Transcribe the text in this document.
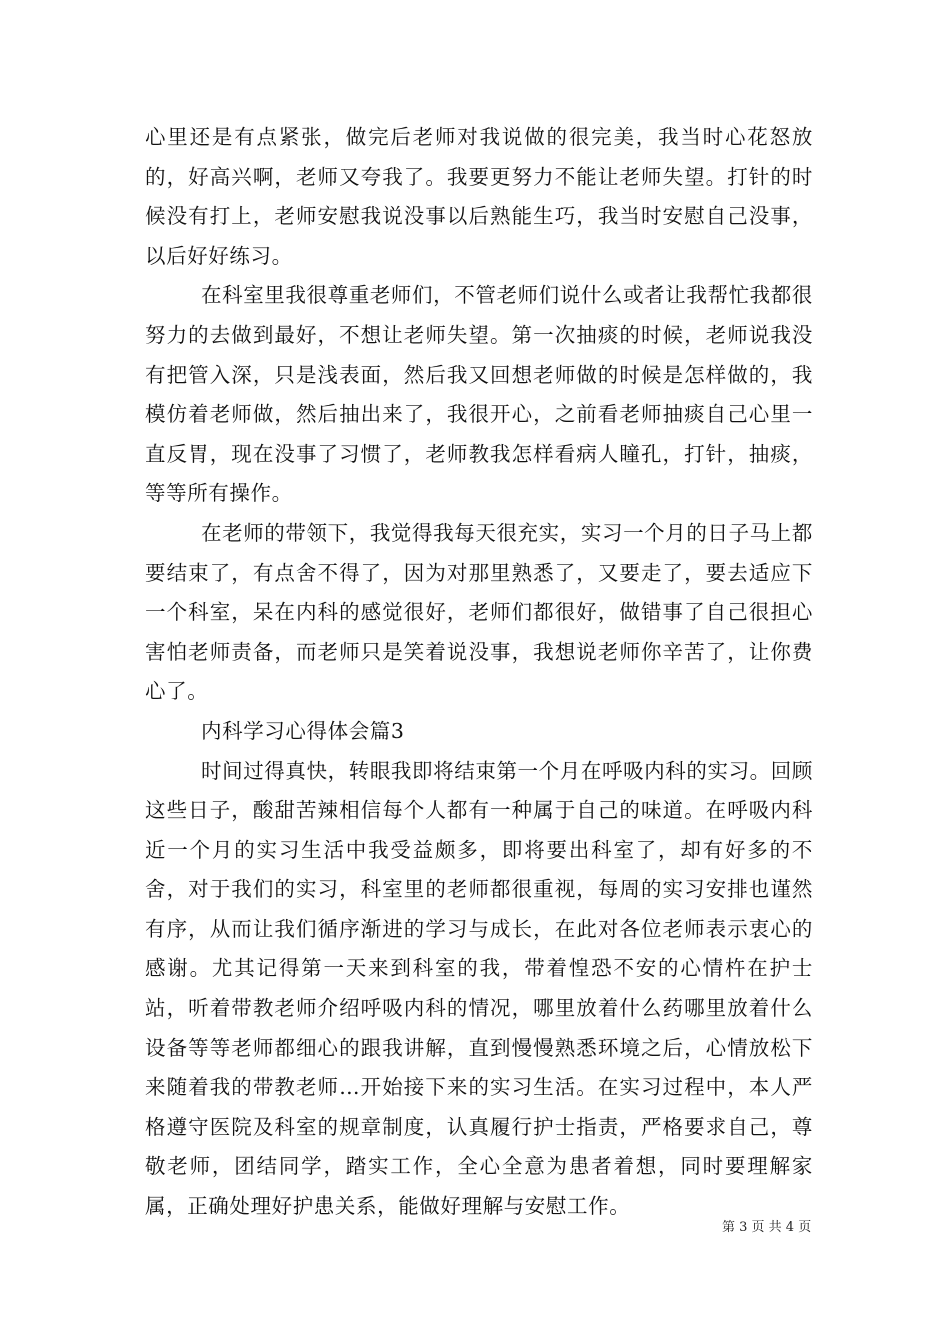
心里还是有点紧张，做完后老师对我说做的很完美，我当时心花怒放的，好高兴啊，老师又夸我了。我要更努力不能让老师失望。打针的时候没有打上，老师安慰我说没事以后熟能生巧，我当时安慰自己没事，以后好好练习。

在科室里我很尊重老师们，不管老师们说什么或者让我帮忙我都很努力的去做到最好，不想让老师失望。第一次抽痰的时候，老师说我没有把管入深，只是浅表面，然后我又回想老师做的时候是怎样做的，我模仿着老师做，然后抽出来了，我很开心，之前看老师抽痰自己心里一直反胃，现在没事了习惯了，老师教我怎样看病人瞳孔，打针，抽痰，等等所有操作。

在老师的带领下，我觉得我每天很充实，实习一个月的日子马上都要结束了，有点舍不得了，因为对那里熟悉了，又要走了，要去适应下一个科室，呆在内科的感觉很好，老师们都很好，做错事了自己很担心害怕老师责备，而老师只是笑着说没事，我想说老师你辛苦了，让你费心了。

内科学习心得体会篇3

时间过得真快，转眼我即将结束第一个月在呼吸内科的实习。回顾这些日子，酸甜苦辣相信每个人都有一种属于自己的味道。在呼吸内科近一个月的实习生活中我受益颇多，即将要出科室了，却有好多的不舍，对于我们的实习，科室里的老师都很重视，每周的实习安排也谨然有序，从而让我们循序渐进的学习与成长，在此对各位老师表示衷心的感谢。尤其记得第一天来到科室的我，带着惶恐不安的心情杵在护士站，听着带教老师介绍呼吸内科的情况，哪里放着什么药哪里放着什么设备等等老师都细心的跟我讲解，直到慢慢熟悉环境之后，心情放松下来随着我的带教老师…开始接下来的实习生活。在实习过程中，本人严格遵守医院及科室的规章制度，认真履行护士指责，严格要求自己，尊敬老师，团结同学，踏实工作，全心全意为患者着想，同时要理解家属，正确处理好护患关系，能做好理解与安慰工作。

第 3 页 共 4 页
